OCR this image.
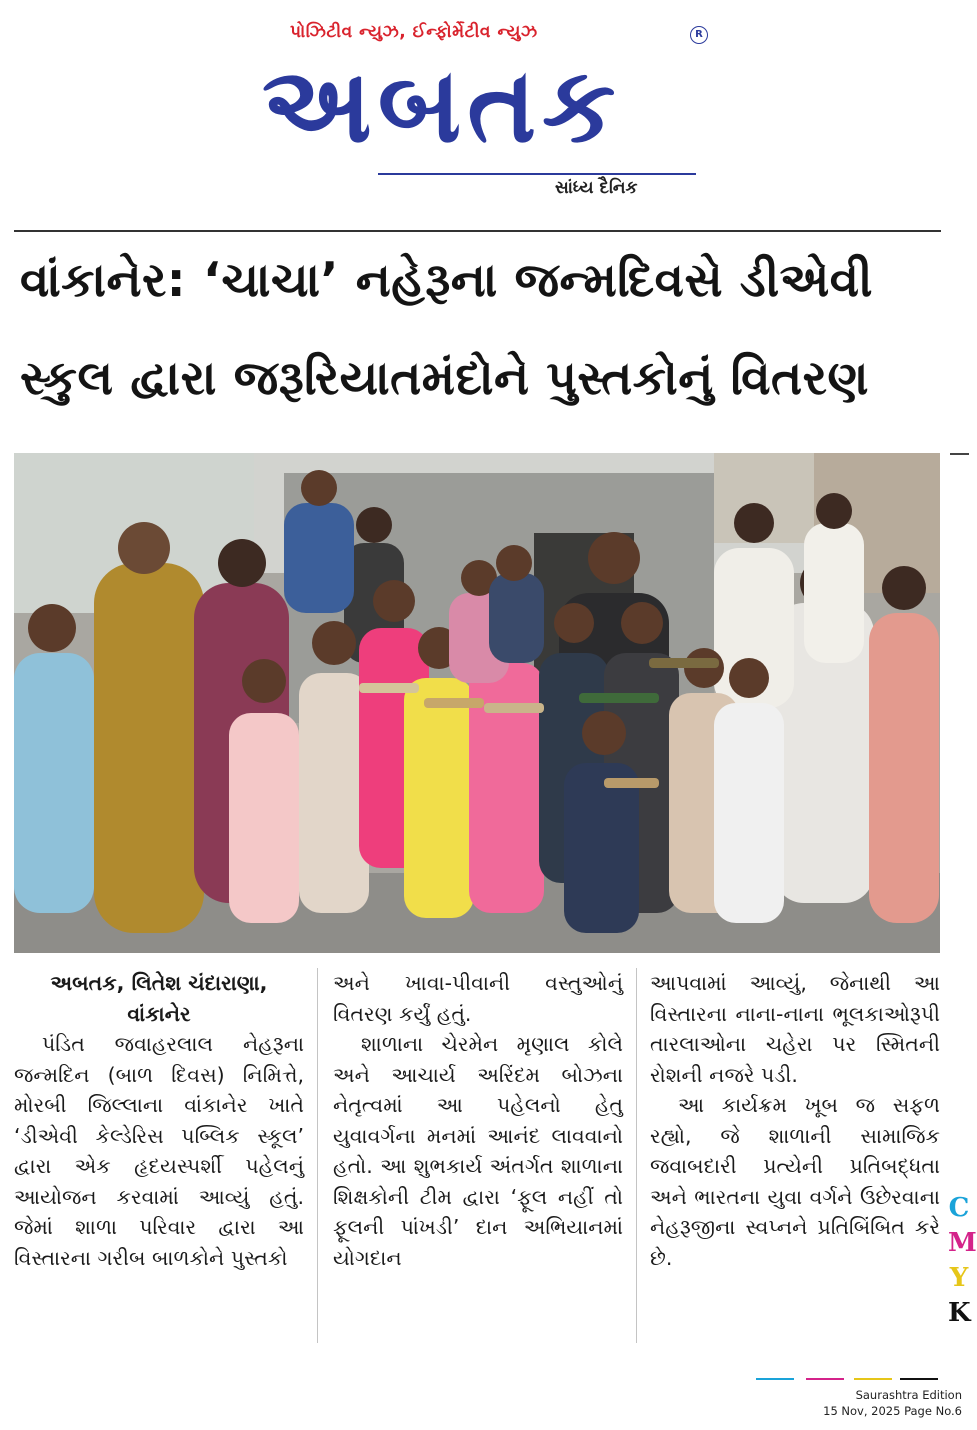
પોઝિટીવ ન્યુઝ, ઈન્ફોર્મેટીવ ન્યુઝ
અબતક
R
સાંધ્ય દૈનિક
વાંકાનેર: ‘ચાચા’ નહેરૂના જન્મદિવસે ડીએવી
સ્કુલ દ્વારા જરૂરિયાતમંદોને પુસ્તકોનું વિતરણ

અબતક, લિતેશ ચંદારાણા,

વાંકાનેર

પંડિત જવાહરલાલ નેહરૂના જન્મદિન (બાળ દિવસ) નિમિત્તે, મોરબી જિલ્લાના વાંકાનેર ખાતે ‘ડીએવી કેલ્ડેરિસ પબ્લિક સ્કૂલ’ દ્વારા એક હૃદયસ્પર્શી પહેલનું આયોજન કરવામાં આવ્યું હતું. જેમાં શાળા પરિવાર દ્વારા આ વિસ્તારના ગરીબ બાળકોને પુસ્તકો

અને ખાવા-પીવાની વસ્તુઓનું વિતરણ કર્યું હતું.

શાળાના ચેરમેન મૃણાલ કોલે અને આચાર્ય અરિંદમ બોઝના નેતૃત્વમાં આ પહેલનો હેતુ યુવાવર્ગના મનમાં આનંદ લાવવાનો હતો. આ શુભકાર્ય અંતર્ગત શાળાના શિક્ષકોની ટીમ દ્વારા ‘ફૂલ નહીં તો ફૂલની પાંખડી’ દાન અભિયાનમાં યોગદાન

આપવામાં આવ્યું, જેનાથી આ વિસ્તારના નાના-નાના ભૂલકાઓરૂપી તારલાઓના ચહેરા પર સ્મિતની રોશની નજરે પડી.

આ કાર્યક્રમ ખૂબ જ સફળ રહ્યો, જે શાળાની સામાજિક જવાબદારી પ્રત્યેની પ્રતિબદ્ધતા અને ભારતના યુવા વર્ગને ઉછેરવાના નેહરૂજીના સ્વપ્નને પ્રતિબિંબિત કરે છે.

C
M
Y
K
Saurashtra Edition
15 Nov, 2025 Page No.6
